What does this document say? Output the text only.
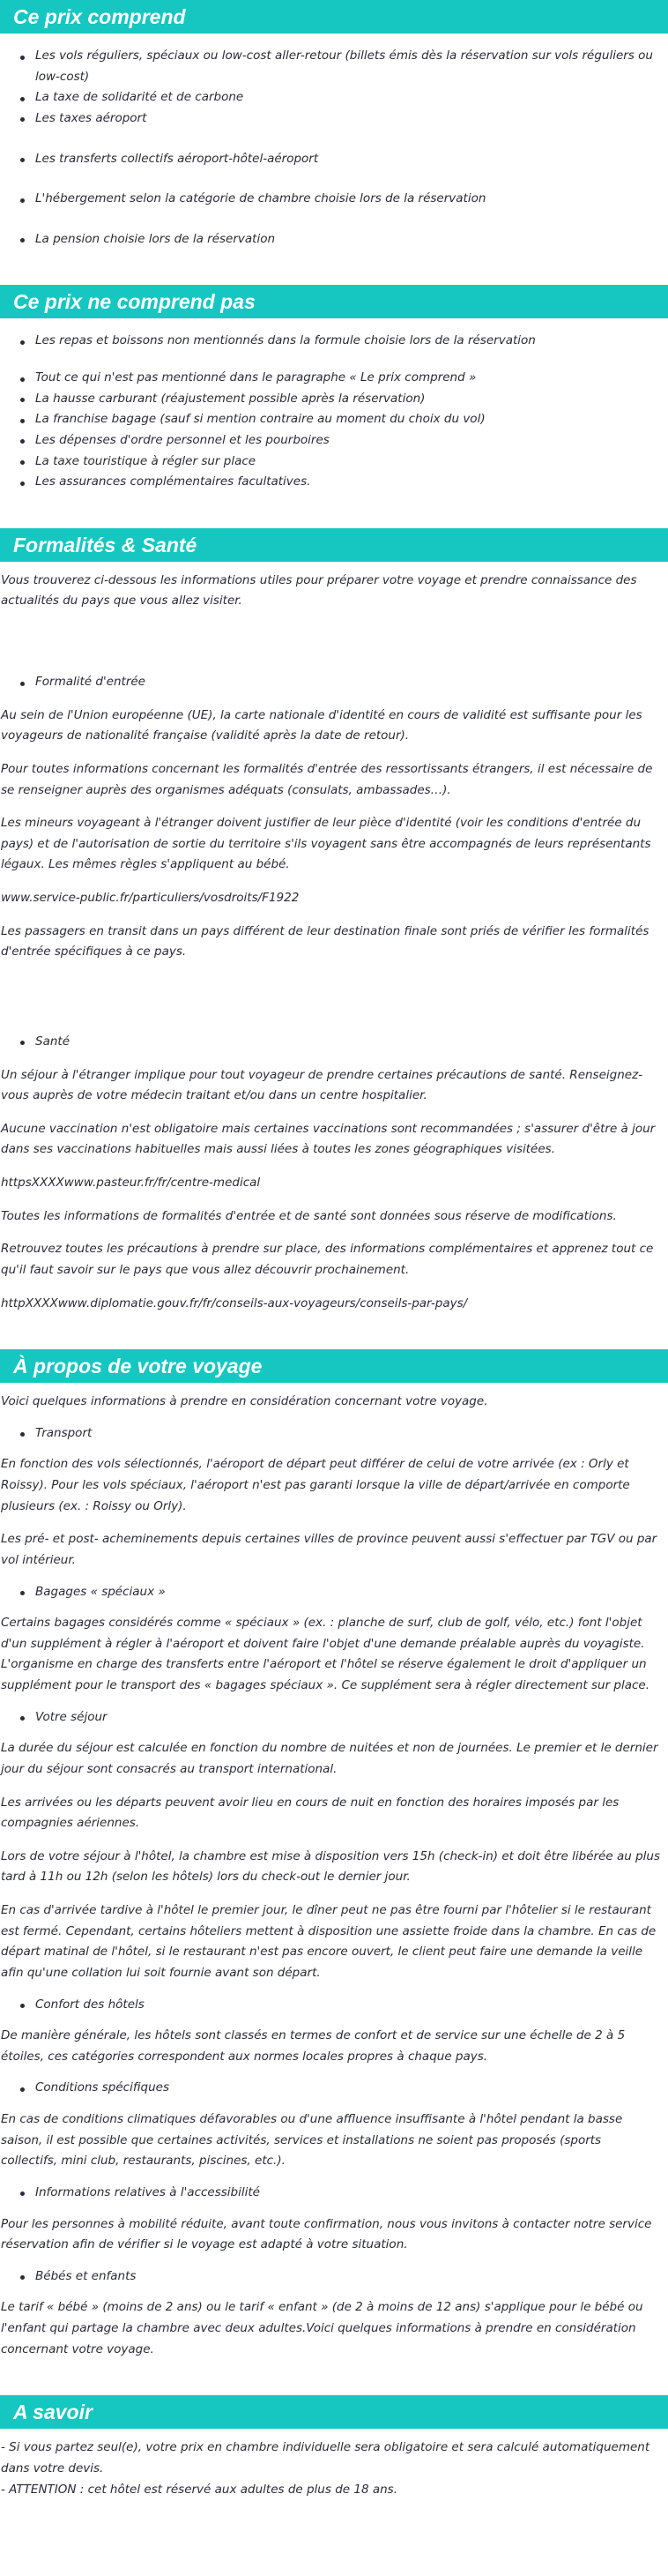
Ce prix comprend
Les vols réguliers, spéciaux ou low-cost aller-retour (billets émis dès la réservation sur vols réguliers ou low-cost)
La taxe de solidarité et de carbone
Les taxes aéroport
Les transferts collectifs aéroport-hôtel-aéroport
L'hébergement selon la catégorie de chambre choisie lors de la réservation
La pension choisie lors de la réservation
Ce prix ne comprend pas
Les repas et boissons non mentionnés dans la formule choisie lors de la réservation
Tout ce qui n'est pas mentionné dans le paragraphe « Le prix comprend »
La hausse carburant (réajustement possible après la réservation)
La franchise bagage (sauf si mention contraire au moment du choix du vol)
Les dépenses d'ordre personnel et les pourboires
La taxe touristique à régler sur place
Les assurances complémentaires facultatives.
Formalités & Santé

Vous trouverez ci-dessous les informations utiles pour préparer votre voyage et prendre connaissance des actualités du pays que vous allez visiter.

Formalité d'entrée

Au sein de l'Union européenne (UE), la carte nationale d'identité en cours de validité est suffisante pour les voyageurs de nationalité française (validité après la date de retour).

Pour toutes informations concernant les formalités d'entrée des ressortissants étrangers, il est nécessaire de se renseigner auprès des organismes adéquats (consulats, ambassades…).

Les mineurs voyageant à l'étranger doivent justifier de leur pièce d'identité (voir les conditions d'entrée du pays) et de l'autorisation de sortie du territoire s'ils voyagent sans être accompagnés de leurs représentants légaux. Les mêmes règles s'appliquent au bébé.

www.service-public.fr/particuliers/vosdroits/F1922

Les passagers en transit dans un pays différent de leur destination finale sont priés de vérifier les formalités d'entrée spécifiques à ce pays.

Santé

Un séjour à l'étranger implique pour tout voyageur de prendre certaines précautions de santé. Renseignez-vous auprès de votre médecin traitant et/ou dans un centre hospitalier.

Aucune vaccination n'est obligatoire mais certaines vaccinations sont recommandées ; s'assurer d'être à jour dans ses vaccinations habituelles mais aussi liées à toutes les zones géographiques visitées.

httpsXXXXwww.pasteur.fr/fr/centre-medical

Toutes les informations de formalités d'entrée et de santé sont données sous réserve de modifications.

Retrouvez toutes les précautions à prendre sur place, des informations complémentaires et apprenez tout ce qu'il faut savoir sur le pays que vous allez découvrir prochainement.

httpXXXXwww.diplomatie.gouv.fr/fr/conseils-aux-voyageurs/conseils-par-pays/

À propos de votre voyage

Voici quelques informations à prendre en considération concernant votre voyage.

Transport

En fonction des vols sélectionnés, l'aéroport de départ peut différer de celui de votre arrivée (ex : Orly et Roissy). Pour les vols spéciaux, l'aéroport n'est pas garanti lorsque la ville de départ/arrivée en comporte plusieurs (ex. : Roissy ou Orly).

Les pré- et post- acheminements depuis certaines villes de province peuvent aussi s'effectuer par TGV ou par vol intérieur.

Bagages « spéciaux »

Certains bagages considérés comme « spéciaux » (ex. : planche de surf, club de golf, vélo, etc.) font l'objet d'un supplément à régler à l'aéroport et doivent faire l'objet d'une demande préalable auprès du voyagiste. L'organisme en charge des transferts entre l'aéroport et l'hôtel se réserve également le droit d'appliquer un supplément pour le transport des « bagages spéciaux ». Ce supplément sera à régler directement sur place.

Votre séjour

La durée du séjour est calculée en fonction du nombre de nuitées et non de journées. Le premier et le dernier jour du séjour sont consacrés au transport international.

Les arrivées ou les départs peuvent avoir lieu en cours de nuit en fonction des horaires imposés par les compagnies aériennes.

Lors de votre séjour à l'hôtel, la chambre est mise à disposition vers 15h (check-in) et doit être libérée au plus tard à 11h ou 12h (selon les hôtels) lors du check-out le dernier jour.

En cas d'arrivée tardive à l'hôtel le premier jour, le dîner peut ne pas être fourni par l'hôtelier si le restaurant est fermé. Cependant, certains hôteliers mettent à disposition une assiette froide dans la chambre. En cas de départ matinal de l'hôtel, si le restaurant n'est pas encore ouvert, le client peut faire une demande la veille afin qu'une collation lui soit fournie avant son départ.

Confort des hôtels

De manière générale, les hôtels sont classés en termes de confort et de service sur une échelle de 2 à 5 étoiles, ces catégories correspondent aux normes locales propres à chaque pays.

Conditions spécifiques

En cas de conditions climatiques défavorables ou d'une affluence insuffisante à l'hôtel pendant la basse saison, il est possible que certaines activités, services et installations ne soient pas proposés (sports collectifs, mini club, restaurants, piscines, etc.).

Informations relatives à l'accessibilité

Pour les personnes à mobilité réduite, avant toute confirmation, nous vous invitons à contacter notre service réservation afin de vérifier si le voyage est adapté à votre situation.

Bébés et enfants

Le tarif « bébé » (moins de 2 ans) ou le tarif « enfant » (de 2 à moins de 12 ans) s'applique pour le bébé ou l'enfant qui partage la chambre avec deux adultes.Voici quelques informations à prendre en considération concernant votre voyage.

A savoir

- Si vous partez seul(e), votre prix en chambre individuelle sera obligatoire et sera calculé automatiquement dans votre devis.

- ATTENTION : cet hôtel est réservé aux adultes de plus de 18 ans.
